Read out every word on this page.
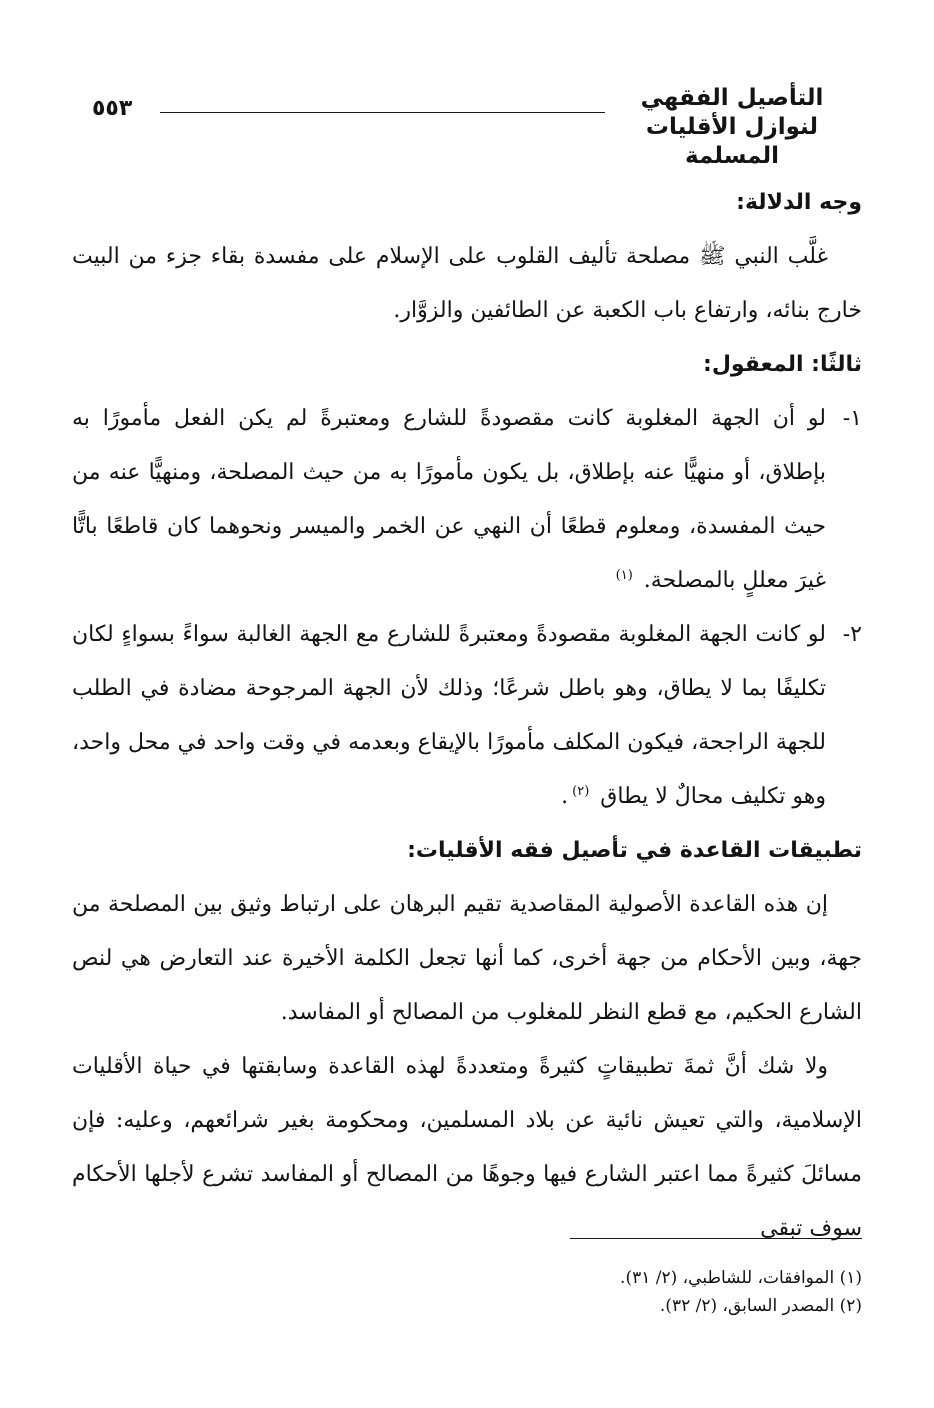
التأصيل الفقهي
لنوازل الأقليات المسلمة
٥٥٣

وجه الدلالة:

غلَّب النبي ﷺ مصلحة تأليف القلوب على الإسلام على مفسدة بقاء جزء من البيت خارج بنائه، وارتفاع باب الكعبة عن الطائفين والزوَّار.

ثالثًا: المعقول:

١-
لو أن الجهة المغلوبة كانت مقصودةً للشارع ومعتبرةً لم يكن الفعل مأمورًا به بإطلاق، أو منهيًّا عنه بإطلاق، بل يكون مأمورًا به من حيث المصلحة، ومنهيًّا عنه من حيث المفسدة، ومعلوم قطعًا أن النهي عن الخمر والميسر ونحوهما كان قاطعًا باتًّا غيرَ معللٍ بالمصلحة. $^{(١)}$
٢-
لو كانت الجهة المغلوبة مقصودةً ومعتبرةً للشارع مع الجهة الغالبة سواءً بسواءٍ لكان تكليفًا بما لا يطاق، وهو باطل شرعًا؛ وذلك لأن الجهة المرجوحة مضادة في الطلب للجهة الراجحة، فيكون المكلف مأمورًا بالإيقاع وبعدمه في وقت واحد في محل واحد، وهو تكليف محالٌ لا يطاق $^{(٢)}$.

تطبيقات القاعدة في تأصيل فقه الأقليات:

إن هذه القاعدة الأصولية المقاصدية تقيم البرهان على ارتباط وثيق بين المصلحة من جهة، وبين الأحكام من جهة أخرى، كما أنها تجعل الكلمة الأخيرة عند التعارض هي لنص الشارع الحكيم، مع قطع النظر للمغلوب من المصالح أو المفاسد.

ولا شك أنَّ ثمةَ تطبيقاتٍ كثيرةً ومتعددةً لهذه القاعدة وسابقتها في حياة الأقليات الإسلامية، والتي تعيش نائية عن بلاد المسلمين، ومحكومة بغير شرائعهم، وعليه: فإن مسائلَ كثيرةً مما اعتبر الشارع فيها وجوهًا من المصالح أو المفاسد تشرع لأجلها الأحكام سوف تبقى

(١) الموافقات، للشاطبي، (٢/ ٣١).

(٢) المصدر السابق، (٢/ ٣٢).
